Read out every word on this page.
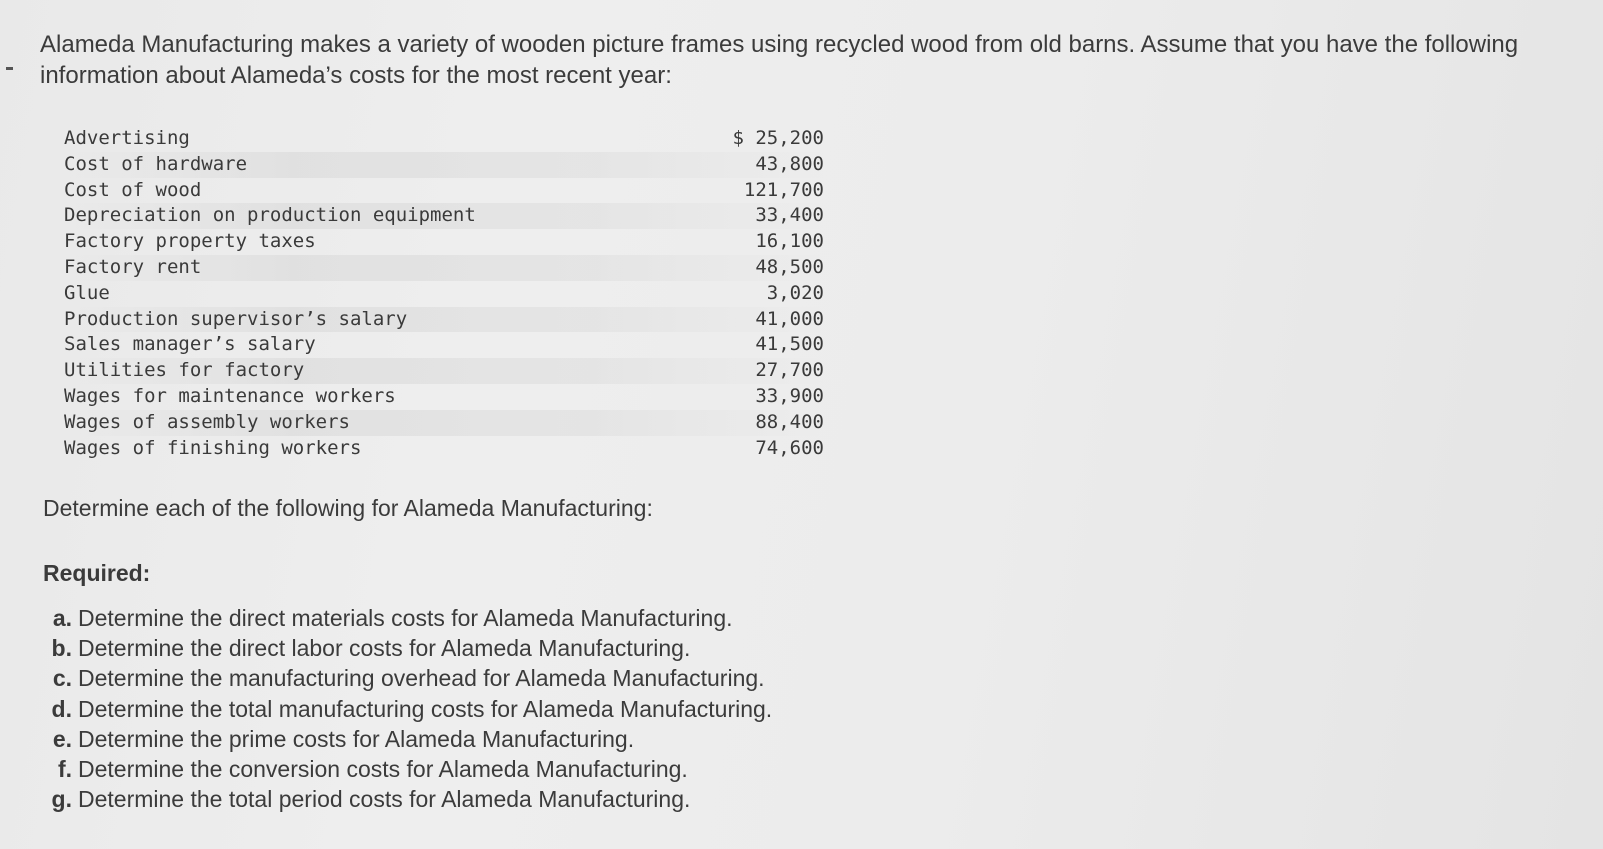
Alameda Manufacturing makes a variety of wooden picture frames using recycled wood from old barns. Assume that you have the following information about Alameda’s costs for the most recent year:

Advertising	$ 25,200
Cost of hardware	43,800
Cost of wood	121,700
Depreciation on production equipment	33,400
Factory property taxes	16,100
Factory rent	48,500
Glue	3,020
Production supervisor’s salary	41,000
Sales manager’s salary	41,500
Utilities for factory	27,700
Wages for maintenance workers	33,900
Wages of assembly workers	88,400
Wages of finishing workers	74,600

Determine each of the following for Alameda Manufacturing:

Required:

a. Determine the direct materials costs for Alameda Manufacturing.
b. Determine the direct labor costs for Alameda Manufacturing.
c. Determine the manufacturing overhead for Alameda Manufacturing.
d. Determine the total manufacturing costs for Alameda Manufacturing.
e. Determine the prime costs for Alameda Manufacturing.
f. Determine the conversion costs for Alameda Manufacturing.
g. Determine the total period costs for Alameda Manufacturing.
